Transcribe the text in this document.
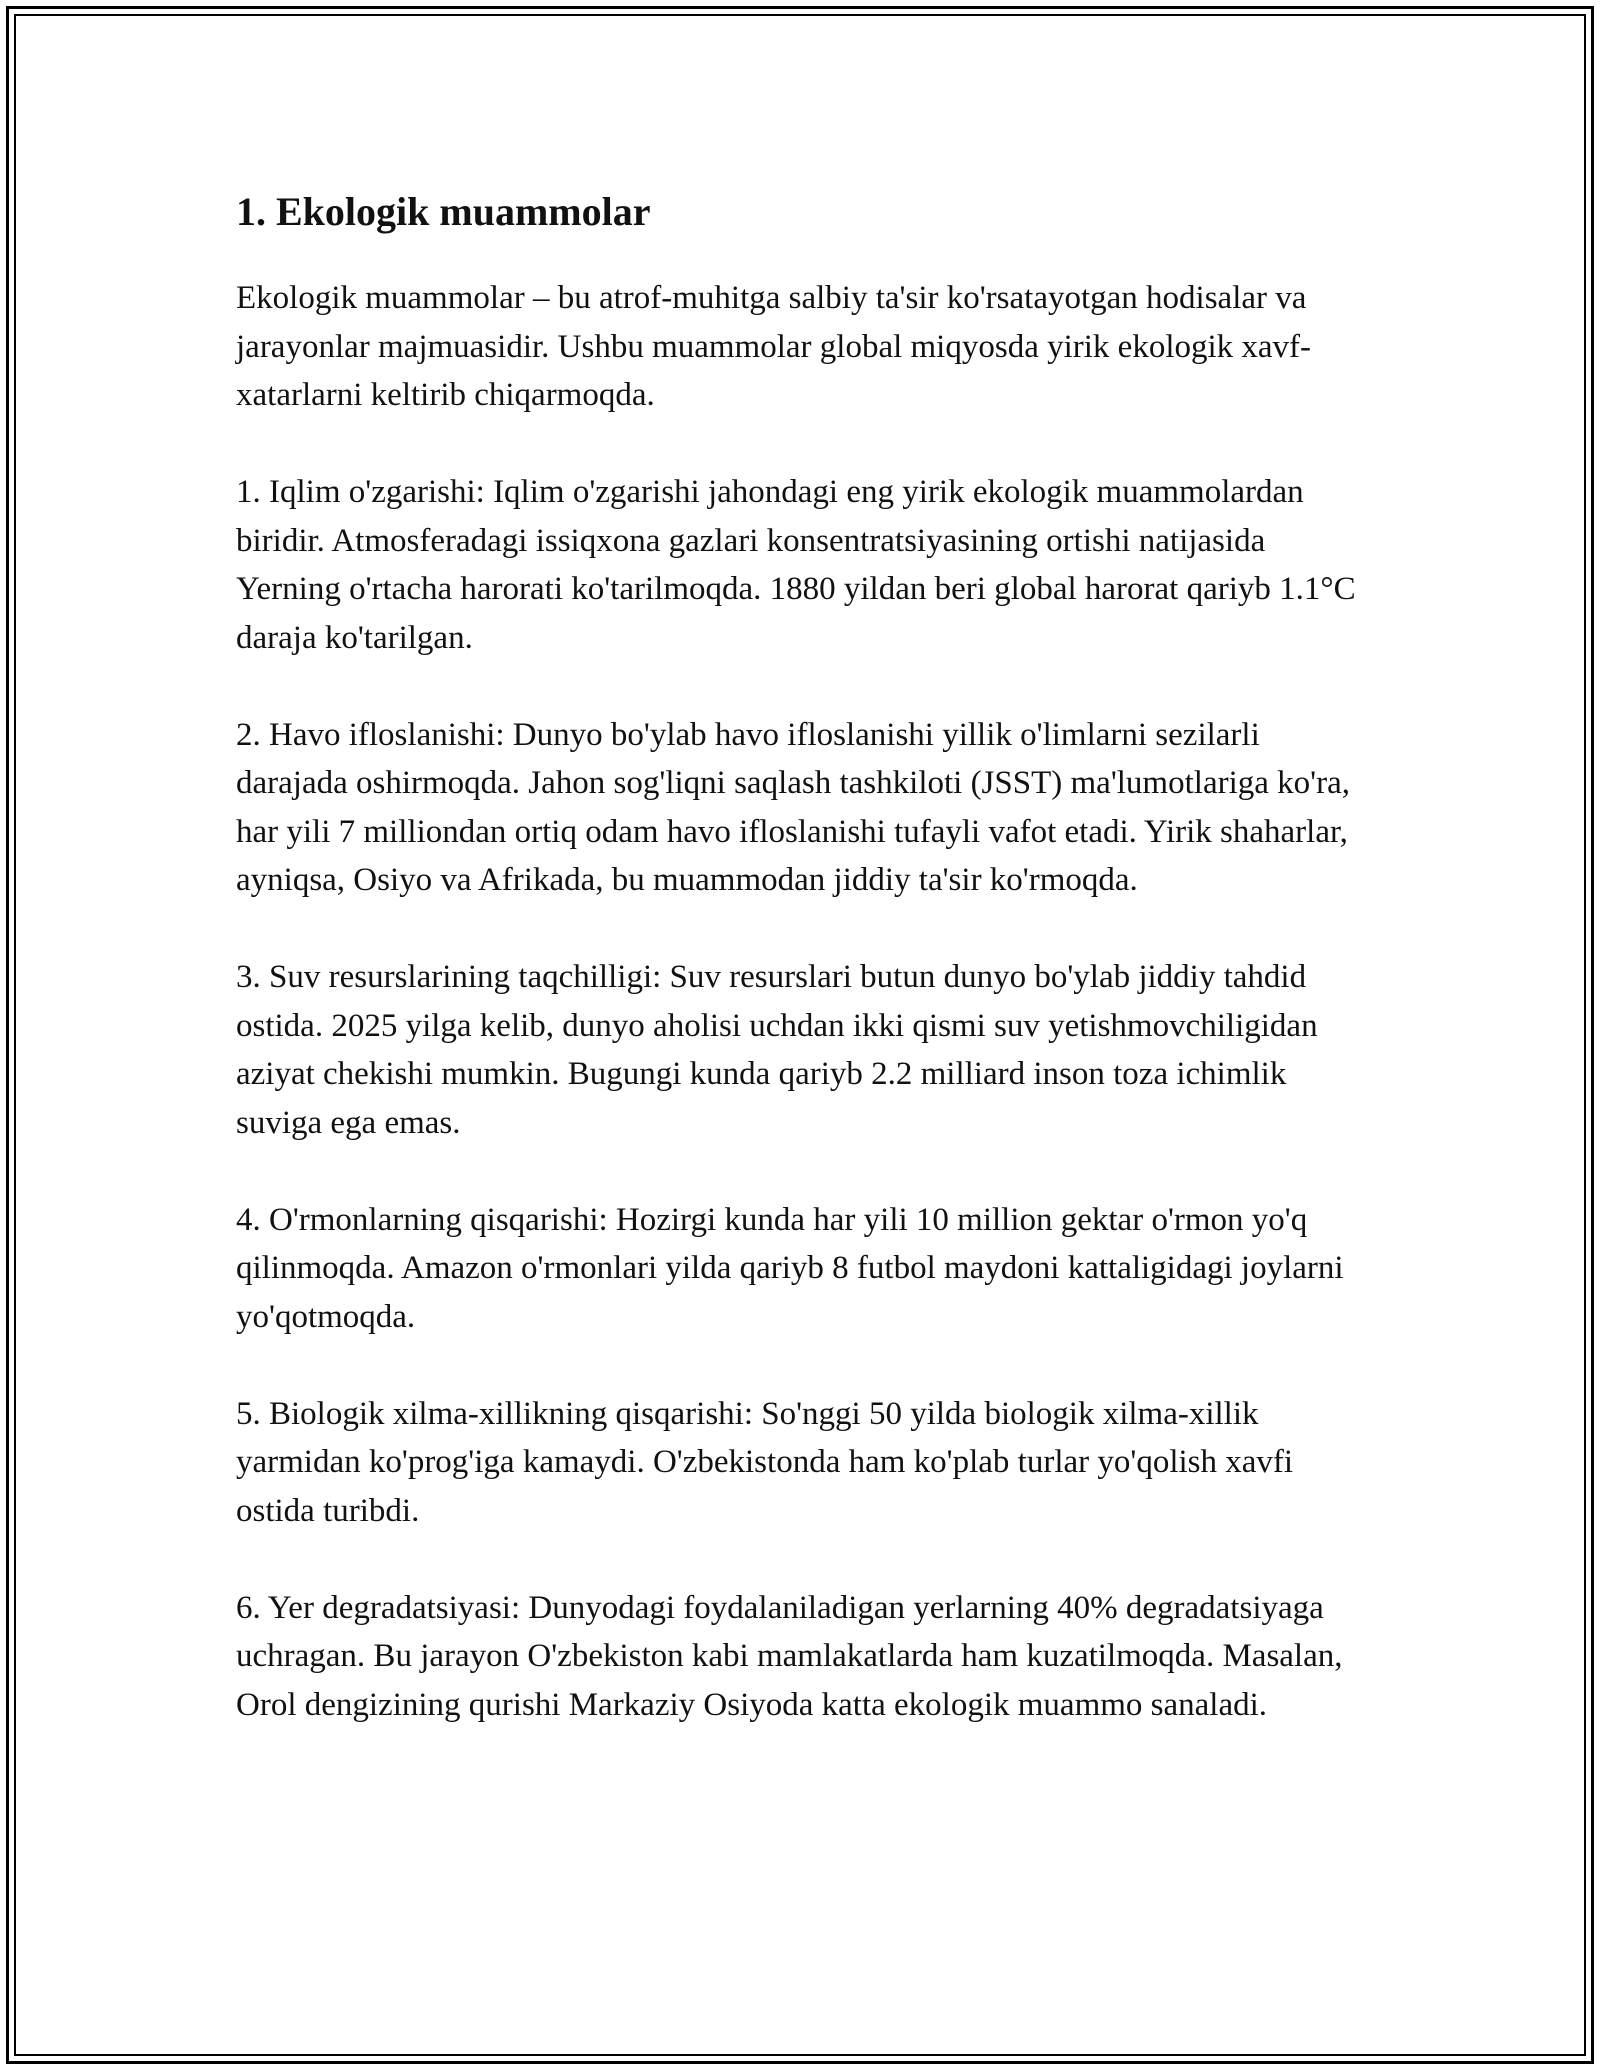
1. Ekologik muammolar

Ekologik muammolar – bu atrof-muhitga salbiy ta'sir ko'rsatayotgan hodisalar va jarayonlar majmuasidir. Ushbu muammolar global miqyosda yirik ekologik xavf-xatarlarni keltirib chiqarmoqda.

1. Iqlim o'zgarishi: Iqlim o'zgarishi jahondagi eng yirik ekologik muammolardan biridir. Atmosferadagi issiqxona gazlari konsentratsiyasining ortishi natijasida Yerning o'rtacha harorati ko'tarilmoqda. 1880 yildan beri global harorat qariyb 1.1°C daraja ko'tarilgan.

2. Havo ifloslanishi: Dunyo bo'ylab havo ifloslanishi yillik o'limlarni sezilarli darajada oshirmoqda. Jahon sog'liqni saqlash tashkiloti (JSST) ma'lumotlariga ko'ra, har yili 7 milliondan ortiq odam havo ifloslanishi tufayli vafot etadi. Yirik shaharlar, ayniqsa, Osiyo va Afrikada, bu muammodan jiddiy ta'sir ko'rmoqda.

3. Suv resurslarining taqchilligi: Suv resurslari butun dunyo bo'ylab jiddiy tahdid ostida. 2025 yilga kelib, dunyo aholisi uchdan ikki qismi suv yetishmovchiligidan aziyat chekishi mumkin. Bugungi kunda qariyb 2.2 milliard inson toza ichimlik suviga ega emas.

4. O'rmonlarning qisqarishi: Hozirgi kunda har yili 10 million gektar o'rmon yo'q qilinmoqda. Amazon o'rmonlari yilda qariyb 8 futbol maydoni kattaligidagi joylarni yo'qotmoqda.

5. Biologik xilma-xillikning qisqarishi: So'nggi 50 yilda biologik xilma-xillik yarmidan ko'prog'iga kamaydi. O'zbekistonda ham ko'plab turlar yo'qolish xavfi ostida turibdi.

6. Yer degradatsiyasi: Dunyodagi foydalaniladigan yerlarning 40% degradatsiyaga uchragan. Bu jarayon O'zbekiston kabi mamlakatlarda ham kuzatilmoqda. Masalan, Orol dengizining qurishi Markaziy Osiyoda katta ekologik muammo sanaladi.
